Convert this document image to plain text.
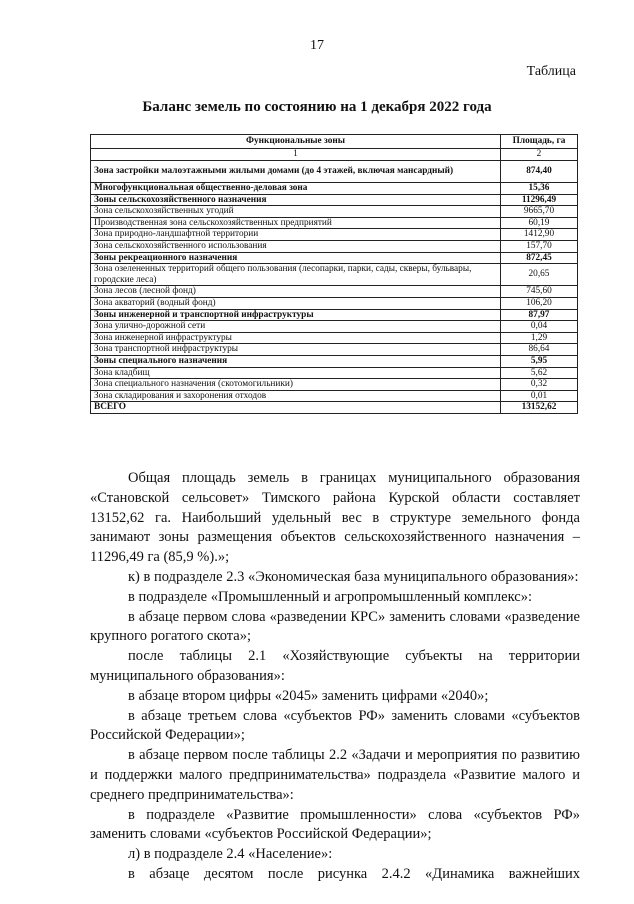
17
Таблица
Баланс земель по состоянию на 1 декабря 2022 года
Функциональные зоны	Площадь, га
1	2
Зона застройки малоэтажными жилыми домами (до 4 этажей, включая мансардный)	874,40
Многофункциональная общественно-деловая зона	15,36
Зоны сельскохозяйственного назначения	11296,49
Зона сельскохозяйственных угодий	9665,70
Производственная зона сельскохозяйственных предприятий	60,19
Зона природно-ландшафтной территории	1412,90
Зона сельскохозяйственного использования	157,70
Зоны рекреационного назначения	872,45
Зона озелененных территорий общего пользования (лесопарки, парки, сады, скверы, бульвары, городские леса)	20,65
Зона лесов (лесной фонд)	745,60
Зона акваторий (водный фонд)	106,20
Зоны инженерной и транспортной инфраструктуры	87,97
Зона улично-дорожной сети	0,04
Зона инженерной инфраструктуры	1,29
Зона транспортной инфраструктуры	86,64
Зоны специального назначения	5,95
Зона кладбищ	5,62
Зона специального назначения (скотомогильники)	0,32
Зона складирования и захоронения отходов	0,01
ВСЕГО	13152,62

Общая площадь земель в границах муниципального образования «Становской сельсовет» Тимского района Курской области составляет 13152,62 га. Наибольший удельный вес в структуре земельного фонда занимают зоны размещения объектов сельскохозяйственного назначения – 11296,49 га (85,9 %).»;

к) в подразделе 2.3 «Экономическая база муниципального образования»:

в подразделе «Промышленный и агропромышленный комплекс»:

в абзаце первом слова «разведении КРС» заменить словами «разведение крупного рогатого скота»;

после таблицы 2.1 «Хозяйствующие субъекты на территории муниципального образования»:

в абзаце втором цифры «2045» заменить цифрами «2040»;

в абзаце третьем слова «субъектов РФ» заменить словами «субъектов Российской Федерации»;

в абзаце первом после таблицы 2.2 «Задачи и мероприятия по развитию и поддержки малого предпринимательства» подраздела «Развитие малого и среднего предпринимательства»:

в подразделе «Развитие промышленности» слова «субъектов РФ» заменить словами «субъектов Российской Федерации»;

л) в подразделе 2.4 «Население»:

в абзаце десятом после рисунка 2.4.2 «Динамика важнейших
